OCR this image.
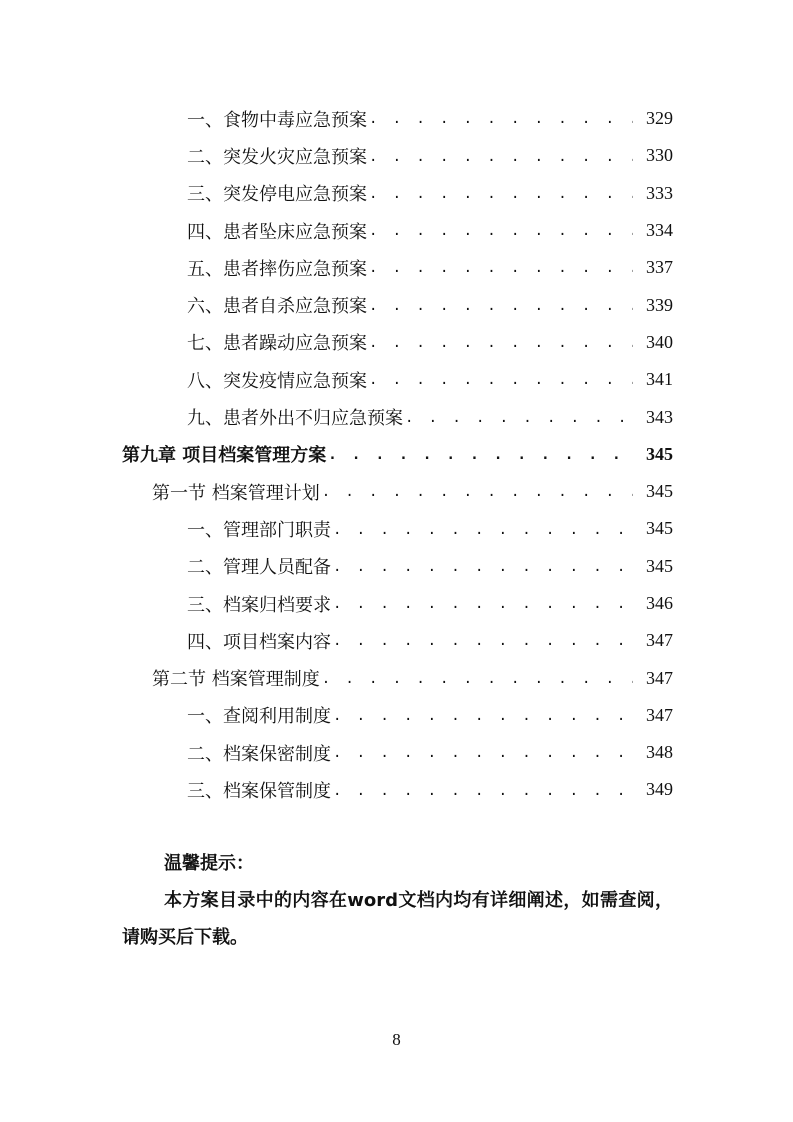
一、食物中毒应急预案 . . .	329
二、突发火灾应急预案 . . .	330
三、突发停电应急预案 . . .	333
四、患者坠床应急预案 . . .	334
五、患者摔伤应急预案 . . .	337
六、患者自杀应急预案 . . .	339
七、患者躁动应急预案 . . .	340
八、突发疫情应急预案 . . .	341
九、患者外出不归应急预案 . . .	343
第九章 项目档案管理方案 . . .	345
第一节 档案管理计划 . . .	345
一、管理部门职责 . . .	345
二、管理人员配备 . . .	345
三、档案归档要求 . . .	346
四、项目档案内容 . . .	347
第二节 档案管理制度 . . .	347
一、查阅利用制度 . . .	347
二、档案保密制度 . . .	348
三、档案保管制度 . . .	349
温馨提示：
本方案目录中的内容在word文档内均有详细阐述，如需查阅，请购买后下载。
8
